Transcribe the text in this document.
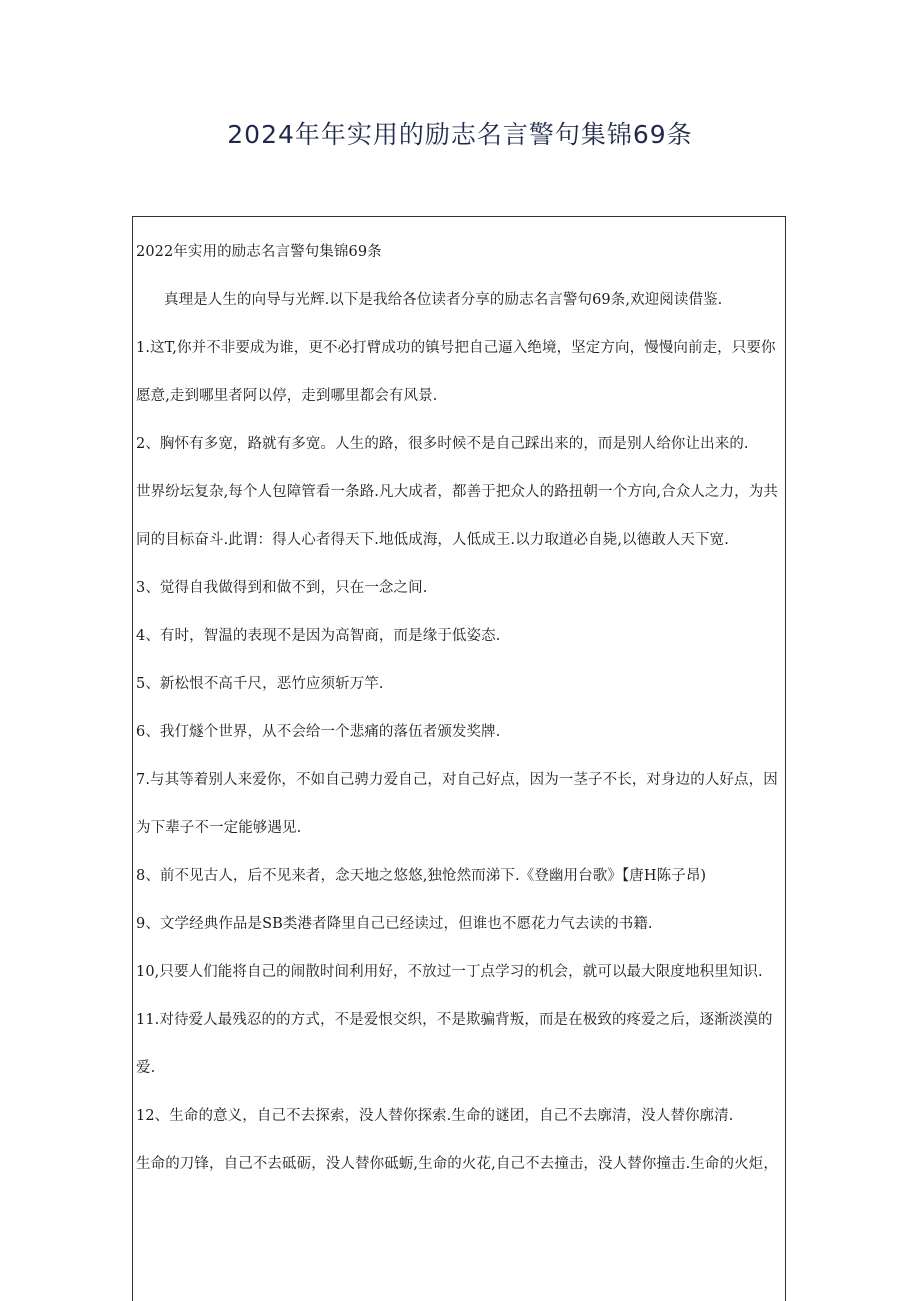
2024年年实用的励志名言警句集锦69条
2022年实用的励志名言警句集锦69条
真理是人生的向导与光辉.以下是我给各位读者分享的励志名言警句69条,欢迎阅读借鉴.
1.这T,你并不非要成为谁，更不必打臂成功的镇号把自己逼入绝境，坚定方向，慢慢向前走，只要你
愿意,走到哪里者阿以停，走到哪里都会有风景.
2、胸怀有多宽，路就有多宽。人生的路，很多时候不是自己踩出来的，而是别人给你让出来的.
世界纷坛复杂,每个人包障管看一条路.凡大成者，都善于把众人的路扭朝一个方向,合众人之力，为共
同的目标奋斗.此谓：得人心者得天下.地低成海，人低成王.以力取道必自毙,以德敢人天下宽.
3、觉得自我做得到和做不到，只在一念之间.
4、有时，智温的表现不是因为高智商，而是缘于低姿态.
5、新松恨不高千尺，恶竹应须斩万竿.
6、我仃燧个世界，从不会给一个悲痛的落伍者颁发奖牌.
7.与其等着别人来爱你，不如自己骋力爱自己，对自己好点，因为一茎子不长，对身边的人好点，因
为下辈子不一定能够遇见.
8、前不见古人，后不见来者，念天地之悠悠,独怆然而涕下.《登幽用台歌》【唐H陈子昂)
9、文学经典作品是SB类港者降里自己已经读过，但谁也不愿花力气去读的书籍.
10,只要人们能将自己的闹散时间利用好，不放过一丁点学习的机会，就可以最大限度地积里知识.
11.对待爱人最残忍的的方式，不是爱恨交织，不是欺骗背叛，而是在极致的疼爱之后，逐渐淡漠的
爱.
12、生命的意义，自己不去探索，没人替你探索.生命的谜团，自己不去廓清，没人替你廓清.
生命的刀锋，自己不去砥砺，没人替你砥蛎,生命的火花,自己不去撞击，没人替你撞击.生命的火炬，
